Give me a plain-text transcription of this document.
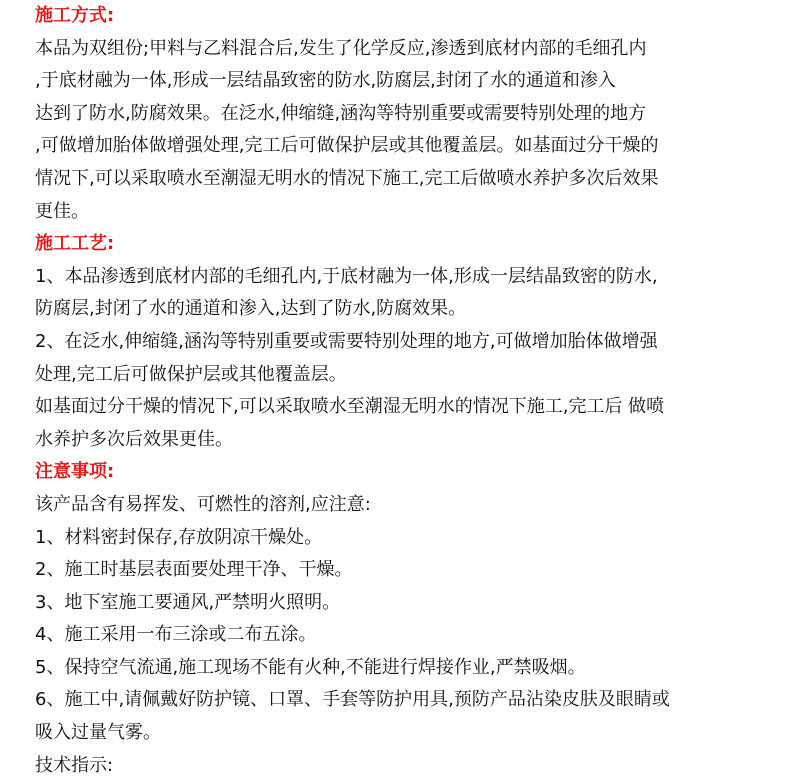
施工方式:
本品为双组份;甲料与乙料混合后,发生了化学反应,渗透到底材内部的毛细孔内
,于底材融为一体,形成一层结晶致密的防水,防腐层,封闭了水的通道和渗入
达到了防水,防腐效果。在泛水,伸缩缝,涵沟等特别重要或需要特别处理的地方
,可做增加胎体做增强处理,完工后可做保护层或其他覆盖层。如基面过分干燥的
情况下,可以采取喷水至潮湿无明水的情况下施工,完工后做喷水养护多次后效果
更佳。
施工工艺:
1、本品渗透到底材内部的毛细孔内,于底材融为一体,形成一层结晶致密的防水,
防腐层,封闭了水的通道和渗入,达到了防水,防腐效果。
2、在泛水,伸缩缝,涵沟等特别重要或需要特别处理的地方,可做增加胎体做增强
处理,完工后可做保护层或其他覆盖层。
如基面过分干燥的情况下,可以采取喷水至潮湿无明水的情况下施工,完工后 做喷
水养护多次后效果更佳。
注意事项:
该产品含有易挥发、可燃性的溶剂,应注意:
1、材料密封保存,存放阴凉干燥处。
2、施工时基层表面要处理干净、干燥。
3、地下室施工要通风,严禁明火照明。
4、施工采用一布三涂或二布五涂。
5、保持空气流通,施工现场不能有火种,不能进行焊接作业,严禁吸烟。
6、施工中,请佩戴好防护镜、口罩、手套等防护用具,预防产品沾染皮肤及眼睛或
吸入过量气雾。
技术指示:
